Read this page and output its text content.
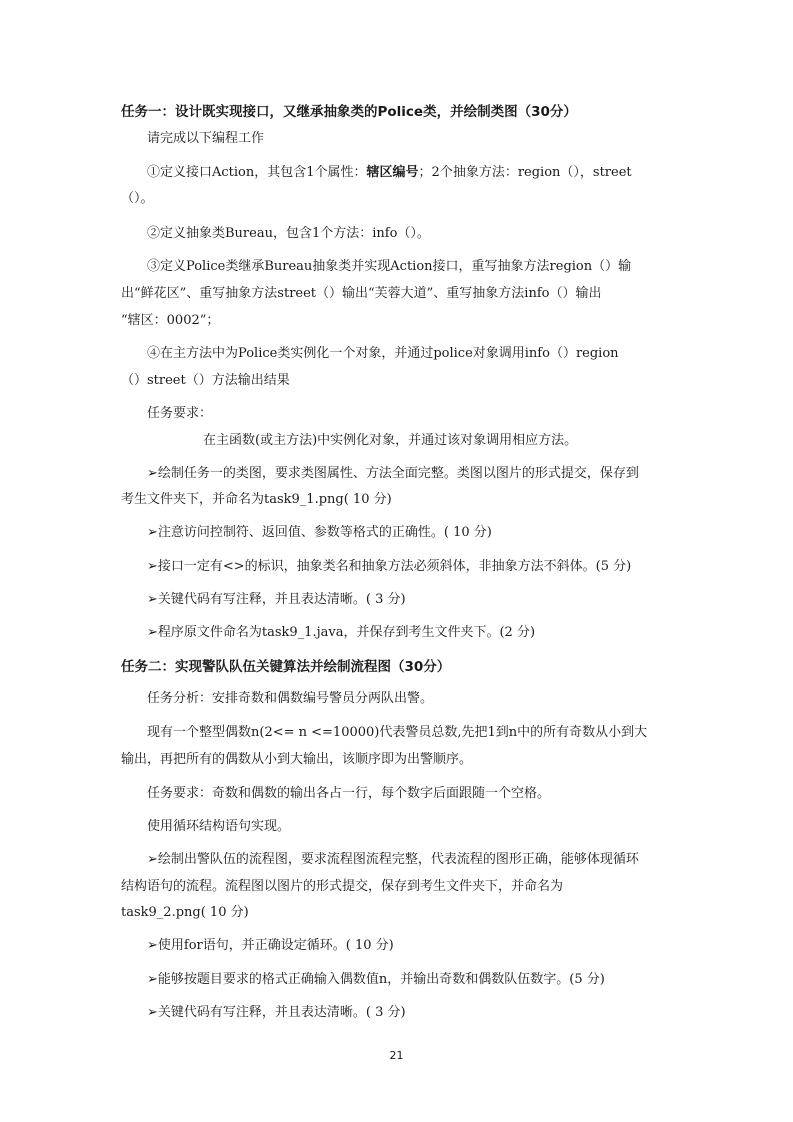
任务一：设计既实现接口，又继承抽象类的Police类，并绘制类图（30分）
请完成以下编程工作
①定义接口Action，其包含1个属性：辖区编号；2个抽象方法：region（），street
（）。
②定义抽象类Bureau，包含1个方法：info（）。
③定义Police类继承Bureau抽象类并实现Action接口，重写抽象方法region（）输
出“鲜花区”、重写抽象方法street（）输出“芙蓉大道”、重写抽象方法info（）输出
“辖区：0002”；
④在主方法中为Police类实例化一个对象，并通过police对象调用info（）region
（）street（）方法输出结果
任务要求：
在主函数(或主方法)中实例化对象，并通过该对象调用相应方法。
➢绘制任务一的类图，要求类图属性、方法全面完整。类图以图片的形式提交，保存到
考生文件夹下，并命名为task9_1.png( 10 分)
➢注意访问控制符、返回值、参数等格式的正确性。( 10 分)
➢接口一定有<>的标识，抽象类名和抽象方法必须斜体，非抽象方法不斜体。(5 分)
➢关键代码有写注释，并且表达清晰。( 3 分)
➢程序原文件命名为task9_1.java，并保存到考生文件夹下。(2 分)
任务二：实现警队队伍关键算法并绘制流程图（30分）
任务分析：安排奇数和偶数编号警员分两队出警。
现有一个整型偶数n(2<= n <=10000)代表警员总数,先把1到n中的所有奇数从小到大
输出，再把所有的偶数从小到大输出，该顺序即为出警顺序。
任务要求：奇数和偶数的输出各占一行，每个数字后面跟随一个空格。
使用循环结构语句实现。
➢绘制出警队伍的流程图，要求流程图流程完整，代表流程的图形正确，能够体现循环
结构语句的流程。流程图以图片的形式提交，保存到考生文件夹下，并命名为
task9_2.png( 10 分)
➢使用for语句，并正确设定循环。( 10 分)
➢能够按题目要求的格式正确输入偶数值n，并输出奇数和偶数队伍数字。(5 分)
➢关键代码有写注释，并且表达清晰。( 3 分)
21
